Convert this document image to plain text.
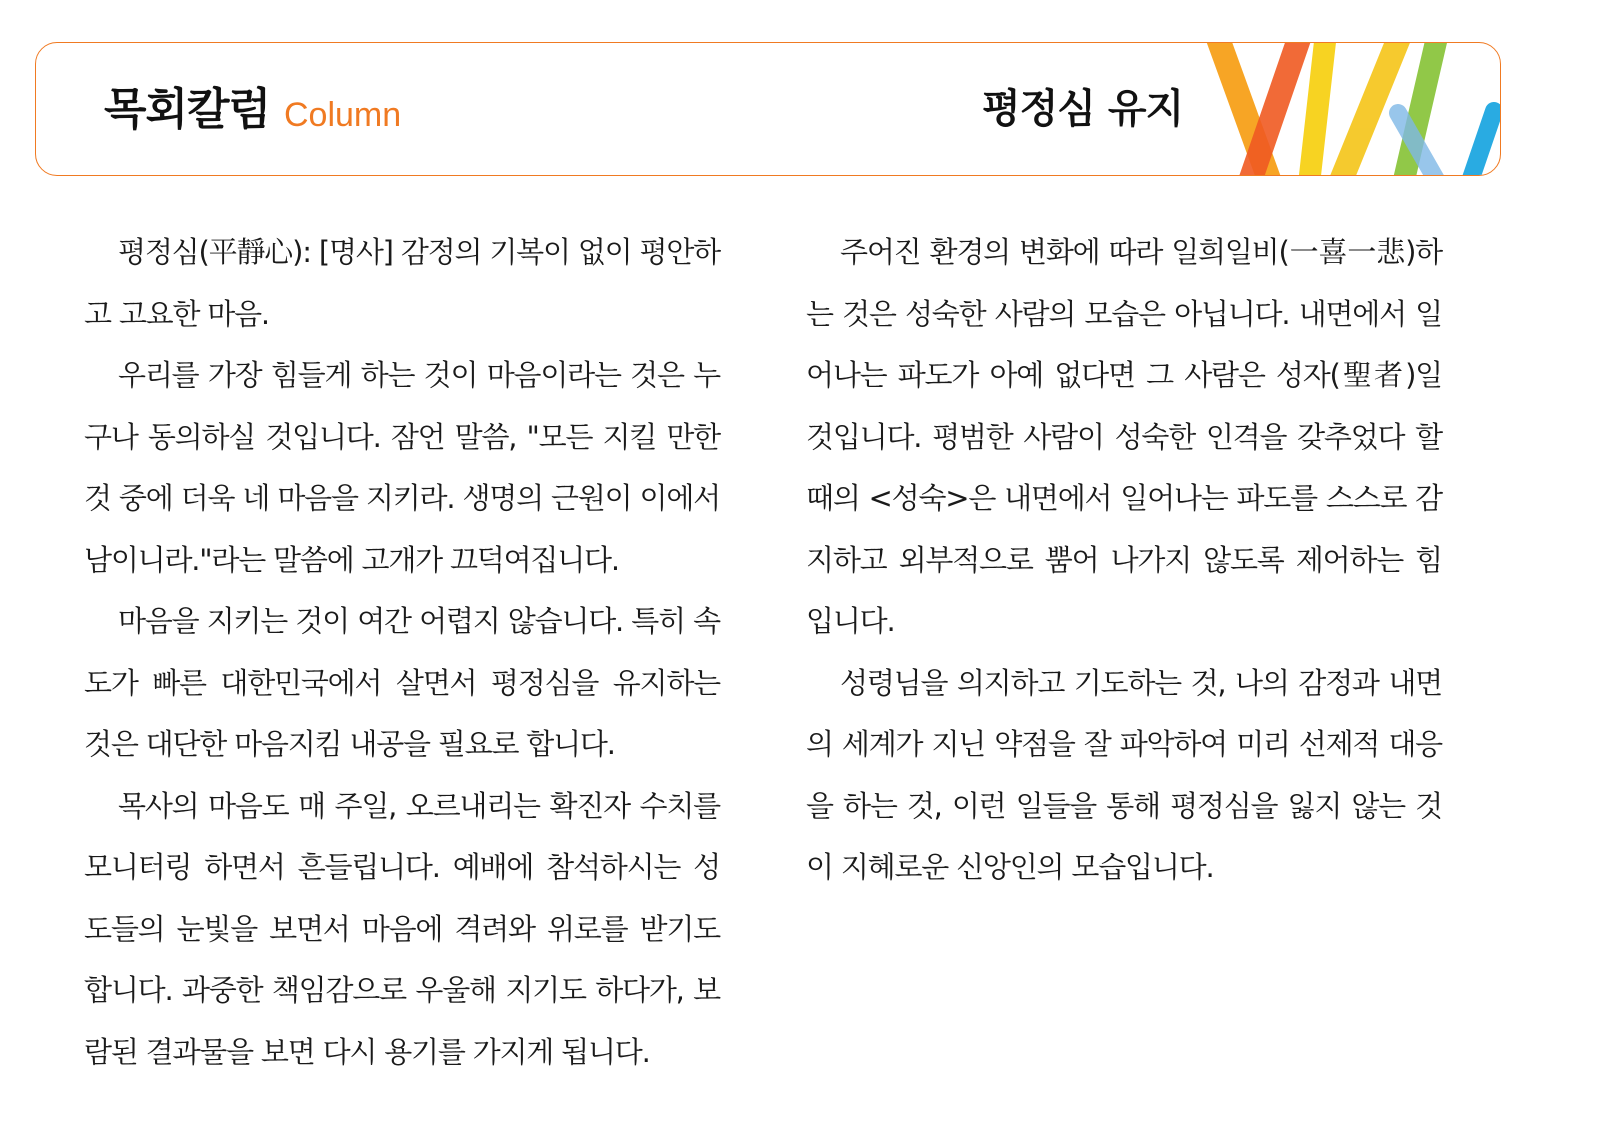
목회칼럼 Column	평정심 유지

평정심(平靜心): [명사] 감정의 기복이 없이 평안하고 고요한 마음.

우리를 가장 힘들게 하는 것이 마음이라는 것은 누구나 동의하실 것입니다. 잠언 말씀, "모든 지킬 만한 것 중에 더욱 네 마음을 지키라. 생명의 근원이 이에서 남이니라."라는 말씀에 고개가 끄덕여집니다.

마음을 지키는 것이 여간 어렵지 않습니다. 특히 속도가 빠른 대한민국에서 살면서 평정심을 유지하는 것은 대단한 마음지킴 내공을 필요로 합니다.

목사의 마음도 매 주일, 오르내리는 확진자 수치를 모니터링 하면서 흔들립니다. 예배에 참석하시는 성도들의 눈빛을 보면서 마음에 격려와 위로를 받기도 합니다. 과중한 책임감으로 우울해 지기도 하다가, 보람된 결과물을 보면 다시 용기를 가지게 됩니다.

주어진 환경의 변화에 따라 일희일비(一喜一悲)하는 것은 성숙한 사람의 모습은 아닙니다. 내면에서 일어나는 파도가 아예 없다면 그 사람은 성자(聖者)일 것입니다. 평범한 사람이 성숙한 인격을 갖추었다 할 때의 <성숙>은 내면에서 일어나는 파도를 스스로 감지하고 외부적으로 뿜어 나가지 않도록 제어하는 힘입니다.

성령님을 의지하고 기도하는 것, 나의 감정과 내면의 세계가 지닌 약점을 잘 파악하여 미리 선제적 대응을 하는 것, 이런 일들을 통해 평정심을 잃지 않는 것이 지혜로운 신앙인의 모습입니다.
